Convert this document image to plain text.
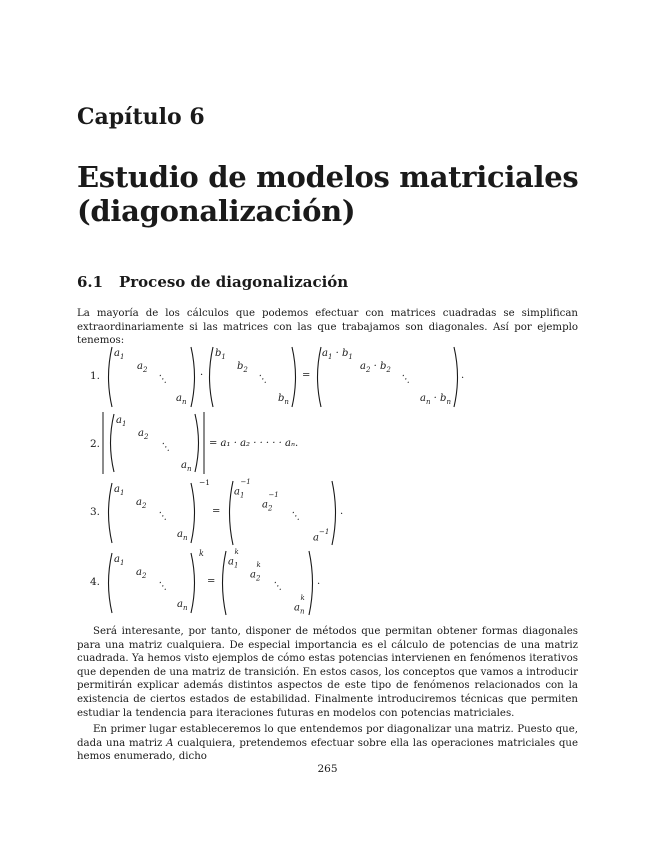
Capítulo 6
Estudio de modelos matriciales
(diagonalización)
6.1 Proceso de diagonalización

La mayoría de los cálculos que podemos efectuar con matrices cuadradas se simplifican extraordinariamente si las matrices con las que trabajamos son diagonales. Así por ejemplo tenemos:

1.
$a_1$
$a_2$
⋱
$a_n$
·
$b_1$
$b_2$
⋱
$b_n$
=
$a_1 \cdot b_1$
$a_2 \cdot b_2$
⋱
$a_n \cdot b_n$
.
2.
$a_1$
$a_2$
⋱
$a_n$
= a₁ · a₂ · · · · · aₙ.
3.
$a_1$
$a_2$
⋱
$a_n$
−1
=
$a_1^{-1}$
$a_2^{-1}$
⋱
$a^{-1}$
.
4.
$a_1$
$a_2$
⋱
$a_n$
k
=
$a_1^k$
$a_2^k$
⋱
$a_n^k$
.

Será interesante, por tanto, disponer de métodos que permitan obtener formas diagonales para una matriz cualquiera. De especial importancia es el cálculo de potencias de una matriz cuadrada. Ya hemos visto ejemplos de cómo estas potencias intervienen en fenómenos iterativos que dependen de una matriz de transición. En estos casos, los conceptos que vamos a introducir permitirán explicar además distintos aspectos de este tipo de fenómenos relacionados con la existencia de ciertos estados de estabilidad. Finalmente introduciremos técnicas que permiten estudiar la tendencia para iteraciones futuras en modelos con potencias matriciales.

En primer lugar estableceremos lo que entendemos por diagonalizar una matriz. Puesto que, dada una matriz A cualquiera, pretendemos efectuar sobre ella las operaciones matriciales que hemos enumerado, dicho

265
